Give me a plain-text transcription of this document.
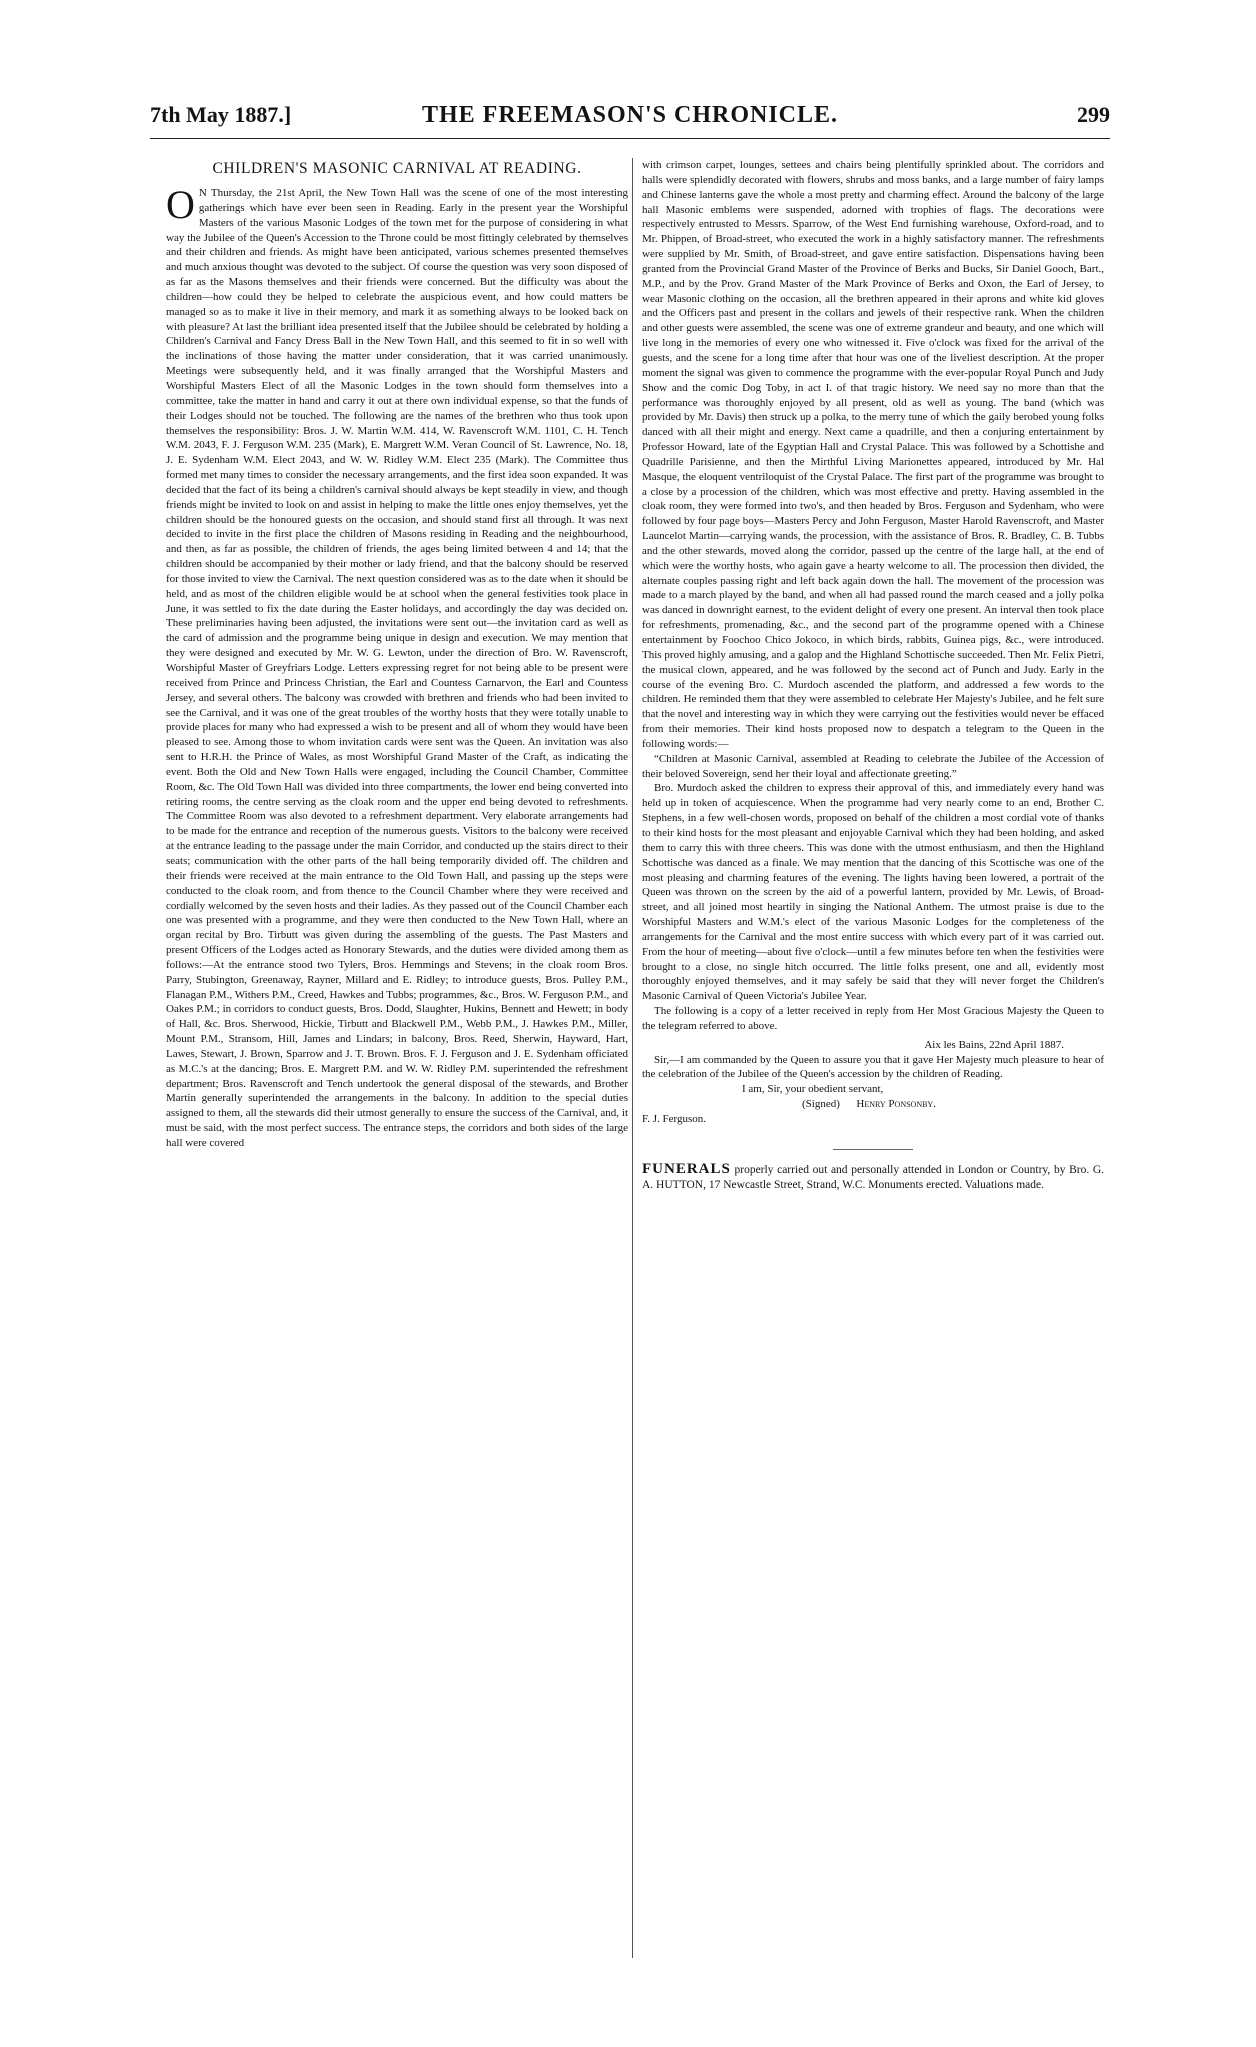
7th May 1887.]	THE FREEMASON'S CHRONICLE.	299
CHILDREN'S MASONIC CARNIVAL AT READING.

O N Thursday, the 21st April, the New Town Hall was the scene of one of the most interesting gatherings which have ever been seen in Reading. Early in the present year the Worshipful Masters of the various Masonic Lodges of the town met for the purpose of considering in what way the Jubilee of the Queen's Accession to the Throne could be most fittingly celebrated by themselves and their children and friends. As might have been anticipated, various schemes presented themselves and much anxious thought was devoted to the subject. Of course the question was very soon disposed of as far as the Masons themselves and their friends were concerned. But the difficulty was about the children—how could they be helped to celebrate the auspicious event, and how could matters be managed so as to make it live in their memory, and mark it as something always to be looked back on with pleasure? At last the brilliant idea presented itself that the Jubilee should be celebrated by holding a Children's Carnival and Fancy Dress Ball in the New Town Hall, and this seemed to fit in so well with the inclinations of those having the matter under consideration, that it was carried unanimously. Meetings were subsequently held, and it was finally arranged that the Worshipful Masters and Worshipful Masters Elect of all the Masonic Lodges in the town should form themselves into a committee, take the matter in hand and carry it out at there own individual expense, so that the funds of their Lodges should not be touched. The following are the names of the brethren who thus took upon themselves the responsibility: Bros. J. W. Martin W.M. 414, W. Ravenscroft W.M. 1101, C. H. Tench W.M. 2043, F. J. Ferguson W.M. 235 (Mark), E. Margrett W.M. Veran Council of St. Lawrence, No. 18, J. E. Sydenham W.M. Elect 2043, and W. W. Ridley W.M. Elect 235 (Mark). The Committee thus formed met many times to consider the necessary arrangements, and the first idea soon expanded. It was decided that the fact of its being a children's carnival should always be kept steadily in view, and though friends might be invited to look on and assist in helping to make the little ones enjoy themselves, yet the children should be the honoured guests on the occasion, and should stand first all through. It was next decided to invite in the first place the children of Masons residing in Reading and the neighbourhood, and then, as far as possible, the children of friends, the ages being limited between 4 and 14; that the children should be accompanied by their mother or lady friend, and that the balcony should be reserved for those invited to view the Carnival. The next question considered was as to the date when it should be held, and as most of the children eligible would be at school when the general festivities took place in June, it was settled to fix the date during the Easter holidays, and accordingly the day was decided on. These preliminaries having been adjusted, the invitations were sent out—the invitation card as well as the card of admission and the programme being unique in design and execution. We may mention that they were designed and executed by Mr. W. G. Lewton, under the direction of Bro. W. Ravenscroft, Worshipful Master of Greyfriars Lodge. Letters expressing regret for not being able to be present were received from Prince and Princess Christian, the Earl and Countess Carnarvon, the Earl and Countess Jersey, and several others. The balcony was crowded with brethren and friends who had been invited to see the Carnival, and it was one of the great troubles of the worthy hosts that they were totally unable to provide places for many who had expressed a wish to be present and all of whom they would have been pleased to see. Among those to whom invitation cards were sent was the Queen. An invitation was also sent to H.R.H. the Prince of Wales, as most Worshipful Grand Master of the Craft, as indicating the event. Both the Old and New Town Halls were engaged, including the Council Chamber, Committee Room, &c. The Old Town Hall was divided into three compartments, the lower end being converted into retiring rooms, the centre serving as the cloak room and the upper end being devoted to refreshments. The Committee Room was also devoted to a refreshment department. Very elaborate arrangements had to be made for the entrance and reception of the numerous guests. Visitors to the balcony were received at the entrance leading to the passage under the main Corridor, and conducted up the stairs direct to their seats; communication with the other parts of the hall being temporarily divided off. The children and their friends were received at the main entrance to the Old Town Hall, and passing up the steps were conducted to the cloak room, and from thence to the Council Chamber where they were received and cordially welcomed by the seven hosts and their ladies. As they passed out of the Council Chamber each one was presented with a programme, and they were then conducted to the New Town Hall, where an organ recital by Bro. Tirbutt was given during the assembling of the guests. The Past Masters and present Officers of the Lodges acted as Honorary Stewards, and the duties were divided among them as follows:—At the entrance stood two Tylers, Bros. Hemmings and Stevens; in the cloak room Bros. Parry, Stubington, Greenaway, Rayner, Millard and E. Ridley; to introduce guests, Bros. Pulley P.M., Flanagan P.M., Withers P.M., Creed, Hawkes and Tubbs; programmes, &c., Bros. W. Ferguson P.M., and Oakes P.M.; in corridors to conduct guests, Bros. Dodd, Slaughter, Hukins, Bennett and Hewett; in body of Hall, &c. Bros. Sherwood, Hickie, Tirbutt and Blackwell P.M., Webb P.M., J. Hawkes P.M., Miller, Mount P.M., Stransom, Hill, James and Lindars; in balcony, Bros. Reed, Sherwin, Hayward, Hart, Lawes, Stewart, J. Brown, Sparrow and J. T. Brown. Bros. F. J. Ferguson and J. E. Sydenham officiated as M.C.'s at the dancing; Bros. E. Margrett P.M. and W. W. Ridley P.M. superintended the refreshment department; Bros. Ravenscroft and Tench undertook the general disposal of the stewards, and Brother Martin generally superintended the arrangements in the balcony. In addition to the special duties assigned to them, all the stewards did their utmost generally to ensure the success of the Carnival, and, it must be said, with the most perfect success. The entrance steps, the corridors and both sides of the large hall were covered

with crimson carpet, lounges, settees and chairs being plentifully sprinkled about. The corridors and halls were splendidly decorated with flowers, shrubs and moss banks, and a large number of fairy lamps and Chinese lanterns gave the whole a most pretty and charming effect. Around the balcony of the large hall Masonic emblems were suspended, adorned with trophies of flags. The decorations were respectively entrusted to Messrs. Sparrow, of the West End furnishing warehouse, Oxford-road, and to Mr. Phippen, of Broad-street, who executed the work in a highly satisfactory manner. The refreshments were supplied by Mr. Smith, of Broad-street, and gave entire satisfaction. Dispensations having been granted from the Provincial Grand Master of the Province of Berks and Bucks, Sir Daniel Gooch, Bart., M.P., and by the Prov. Grand Master of the Mark Province of Berks and Oxon, the Earl of Jersey, to wear Masonic clothing on the occasion, all the brethren appeared in their aprons and white kid gloves and the Officers past and present in the collars and jewels of their respective rank. When the children and other guests were assembled, the scene was one of extreme grandeur and beauty, and one which will live long in the memories of every one who witnessed it. Five o'clock was fixed for the arrival of the guests, and the scene for a long time after that hour was one of the liveliest description. At the proper moment the signal was given to commence the programme with the ever-popular Royal Punch and Judy Show and the comic Dog Toby, in act I. of that tragic history. We need say no more than that the performance was thoroughly enjoyed by all present, old as well as young. The band (which was provided by Mr. Davis) then struck up a polka, to the merry tune of which the gaily berobed young folks danced with all their might and energy. Next came a quadrille, and then a conjuring entertainment by Professor Howard, late of the Egyptian Hall and Crystal Palace. This was followed by a Schottishe and Quadrille Parisienne, and then the Mirthful Living Marionettes appeared, introduced by Mr. Hal Masque, the eloquent ventriloquist of the Crystal Palace. The first part of the programme was brought to a close by a procession of the children, which was most effective and pretty. Having assembled in the cloak room, they were formed into two's, and then headed by Bros. Ferguson and Sydenham, who were followed by four page boys—Masters Percy and John Ferguson, Master Harold Ravenscroft, and Master Launcelot Martin—carrying wands, the procession, with the assistance of Bros. R. Bradley, C. B. Tubbs and the other stewards, moved along the corridor, passed up the centre of the large hall, at the end of which were the worthy hosts, who again gave a hearty welcome to all. The procession then divided, the alternate couples passing right and left back again down the hall. The movement of the procession was made to a march played by the band, and when all had passed round the march ceased and a jolly polka was danced in downright earnest, to the evident delight of every one present. An interval then took place for refreshments, promenading, &c., and the second part of the programme opened with a Chinese entertainment by Foochoo Chico Jokoco, in which birds, rabbits, Guinea pigs, &c., were introduced. This proved highly amusing, and a galop and the Highland Schottische succeeded. Then Mr. Felix Pietri, the musical clown, appeared, and he was followed by the second act of Punch and Judy. Early in the course of the evening Bro. C. Murdoch ascended the platform, and addressed a few words to the children. He reminded them that they were assembled to celebrate Her Majesty's Jubilee, and he felt sure that the novel and interesting way in which they were carrying out the festivities would never be effaced from their memories. Their kind hosts proposed now to despatch a telegram to the Queen in the following words:—

“Children at Masonic Carnival, assembled at Reading to celebrate the Jubilee of the Accession of their beloved Sovereign, send her their loyal and affectionate greeting.”

Bro. Murdoch asked the children to express their approval of this, and immediately every hand was held up in token of acquiescence. When the programme had very nearly come to an end, Brother C. Stephens, in a few well-chosen words, proposed on behalf of the children a most cordial vote of thanks to their kind hosts for the most pleasant and enjoyable Carnival which they had been holding, and asked them to carry this with three cheers. This was done with the utmost enthusiasm, and then the Highland Schottische was danced as a finale. We may mention that the dancing of this Scottische was one of the most pleasing and charming features of the evening. The lights having been lowered, a portrait of the Queen was thrown on the screen by the aid of a powerful lantern, provided by Mr. Lewis, of Broad-street, and all joined most heartily in singing the National Anthem. The utmost praise is due to the Worshipful Masters and W.M.'s elect of the various Masonic Lodges for the completeness of the arrangements for the Carnival and the most entire success with which every part of it was carried out. From the hour of meeting—about five o'clock—until a few minutes before ten when the festivities were brought to a close, no single hitch occurred. The little folks present, one and all, evidently most thoroughly enjoyed themselves, and it may safely be said that they will never forget the Children's Masonic Carnival of Queen Victoria's Jubilee Year.

The following is a copy of a letter received in reply from Her Most Gracious Majesty the Queen to the telegram referred to above.

Aix les Bains, 22nd April 1887.

Sir,—I am commanded by the Queen to assure you that it gave Her Majesty much pleasure to hear of the celebration of the Jubilee of the Queen's accession by the children of Reading.

I am, Sir, your obedient servant,

(Signed) Henry Ponsonby.

F. J. Ferguson.

FUNERALS properly carried out and personally attended in London or Country, by Bro. G. A. HUTTON, 17 Newcastle Street, Strand, W.C. Monuments erected. Valuations made.
